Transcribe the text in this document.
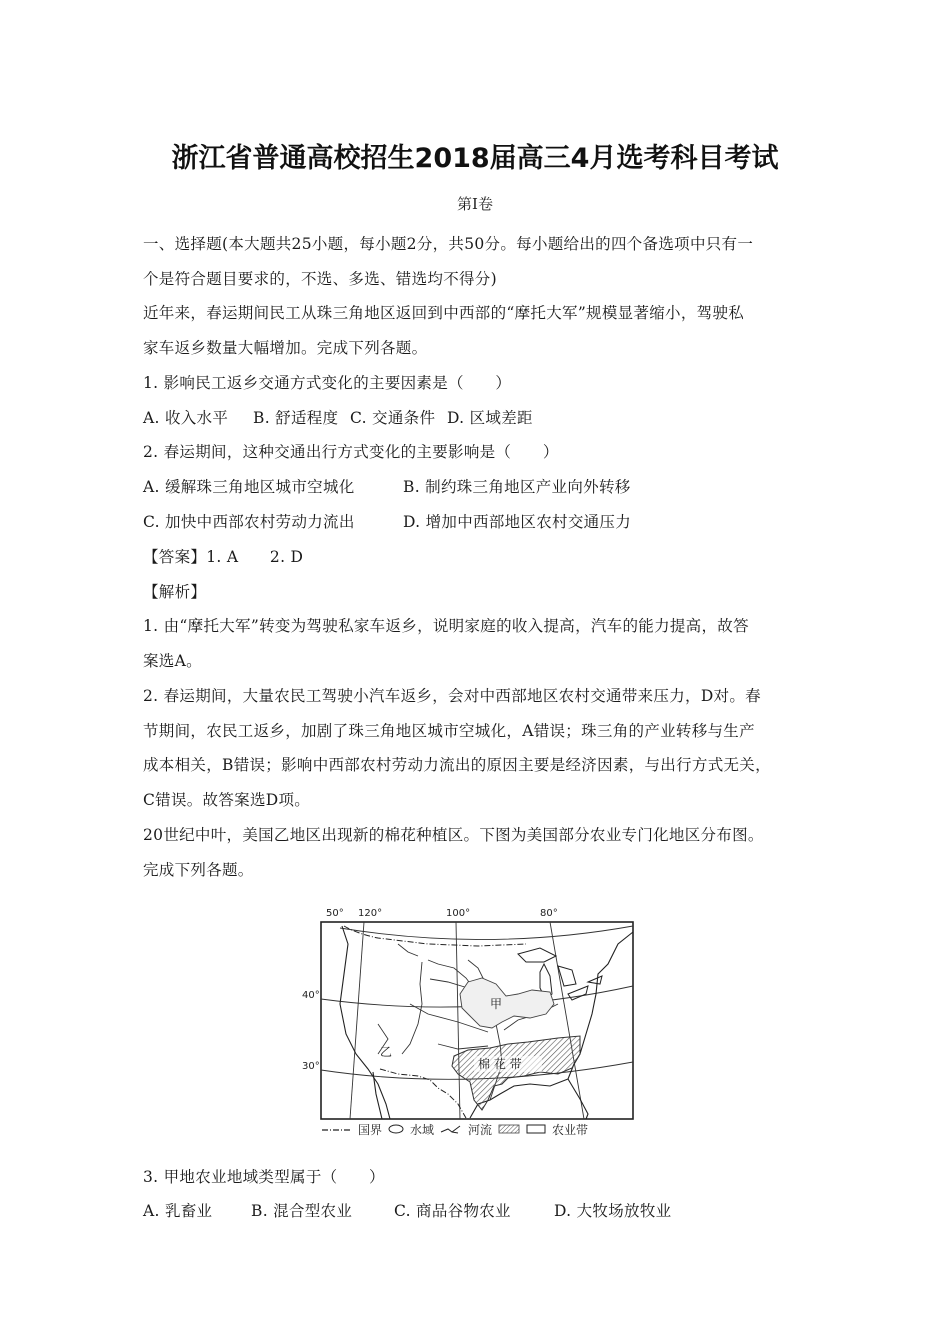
浙江省普通高校招生2018届高三4月选考科目考试
第Ⅰ卷
一、选择题(本大题共25小题，每小题2分，共50分。每小题给出的四个备选项中只有一
个是符合题目要求的，不选、多选、错选均不得分)
近年来，春运期间民工从珠三角地区返回到中西部的“摩托大军”规模显著缩小，驾驶私
家车返乡数量大幅增加。完成下列各题。
1. 影响民工返乡交通方式变化的主要因素是（　　）
A. 收入水平 B. 舒适程度 C. 交通条件 D. 区域差距
2. 春运期间，这种交通出行方式变化的主要影响是（　　）
A. 缓解珠三角地区城市空城化	B. 制约珠三角地区产业向外转移
C. 加快中西部农村劳动力流出	D. 增加中西部地区农村交通压力
【答案】1. A　　2. D
【解析】
1. 由“摩托大军”转变为驾驶私家车返乡，说明家庭的收入提高，汽车的能力提高，故答
案选A。
2. 春运期间，大量农民工驾驶小汽车返乡，会对中西部地区农村交通带来压力，D对。春
节期间，农民工返乡，加剧了珠三角地区城市空城化，A错误；珠三角的产业转移与生产
成本相关，B错误；影响中西部农村劳动力流出的原因主要是经济因素，与出行方式无关，
C错误。故答案选D项。
20世纪中叶，美国乙地区出现新的棉花种植区。下图为美国部分农业专门化地区分布图。
完成下列各题。
50° 120°	100°	80°
40°
30°
甲
棉 花 带
乙
国界 水域	河流	农业带
3. 甲地农业地域类型属于（　　）
A. 乳畜业 B. 混合型农业	C. 商品谷物农业	D. 大牧场放牧业
